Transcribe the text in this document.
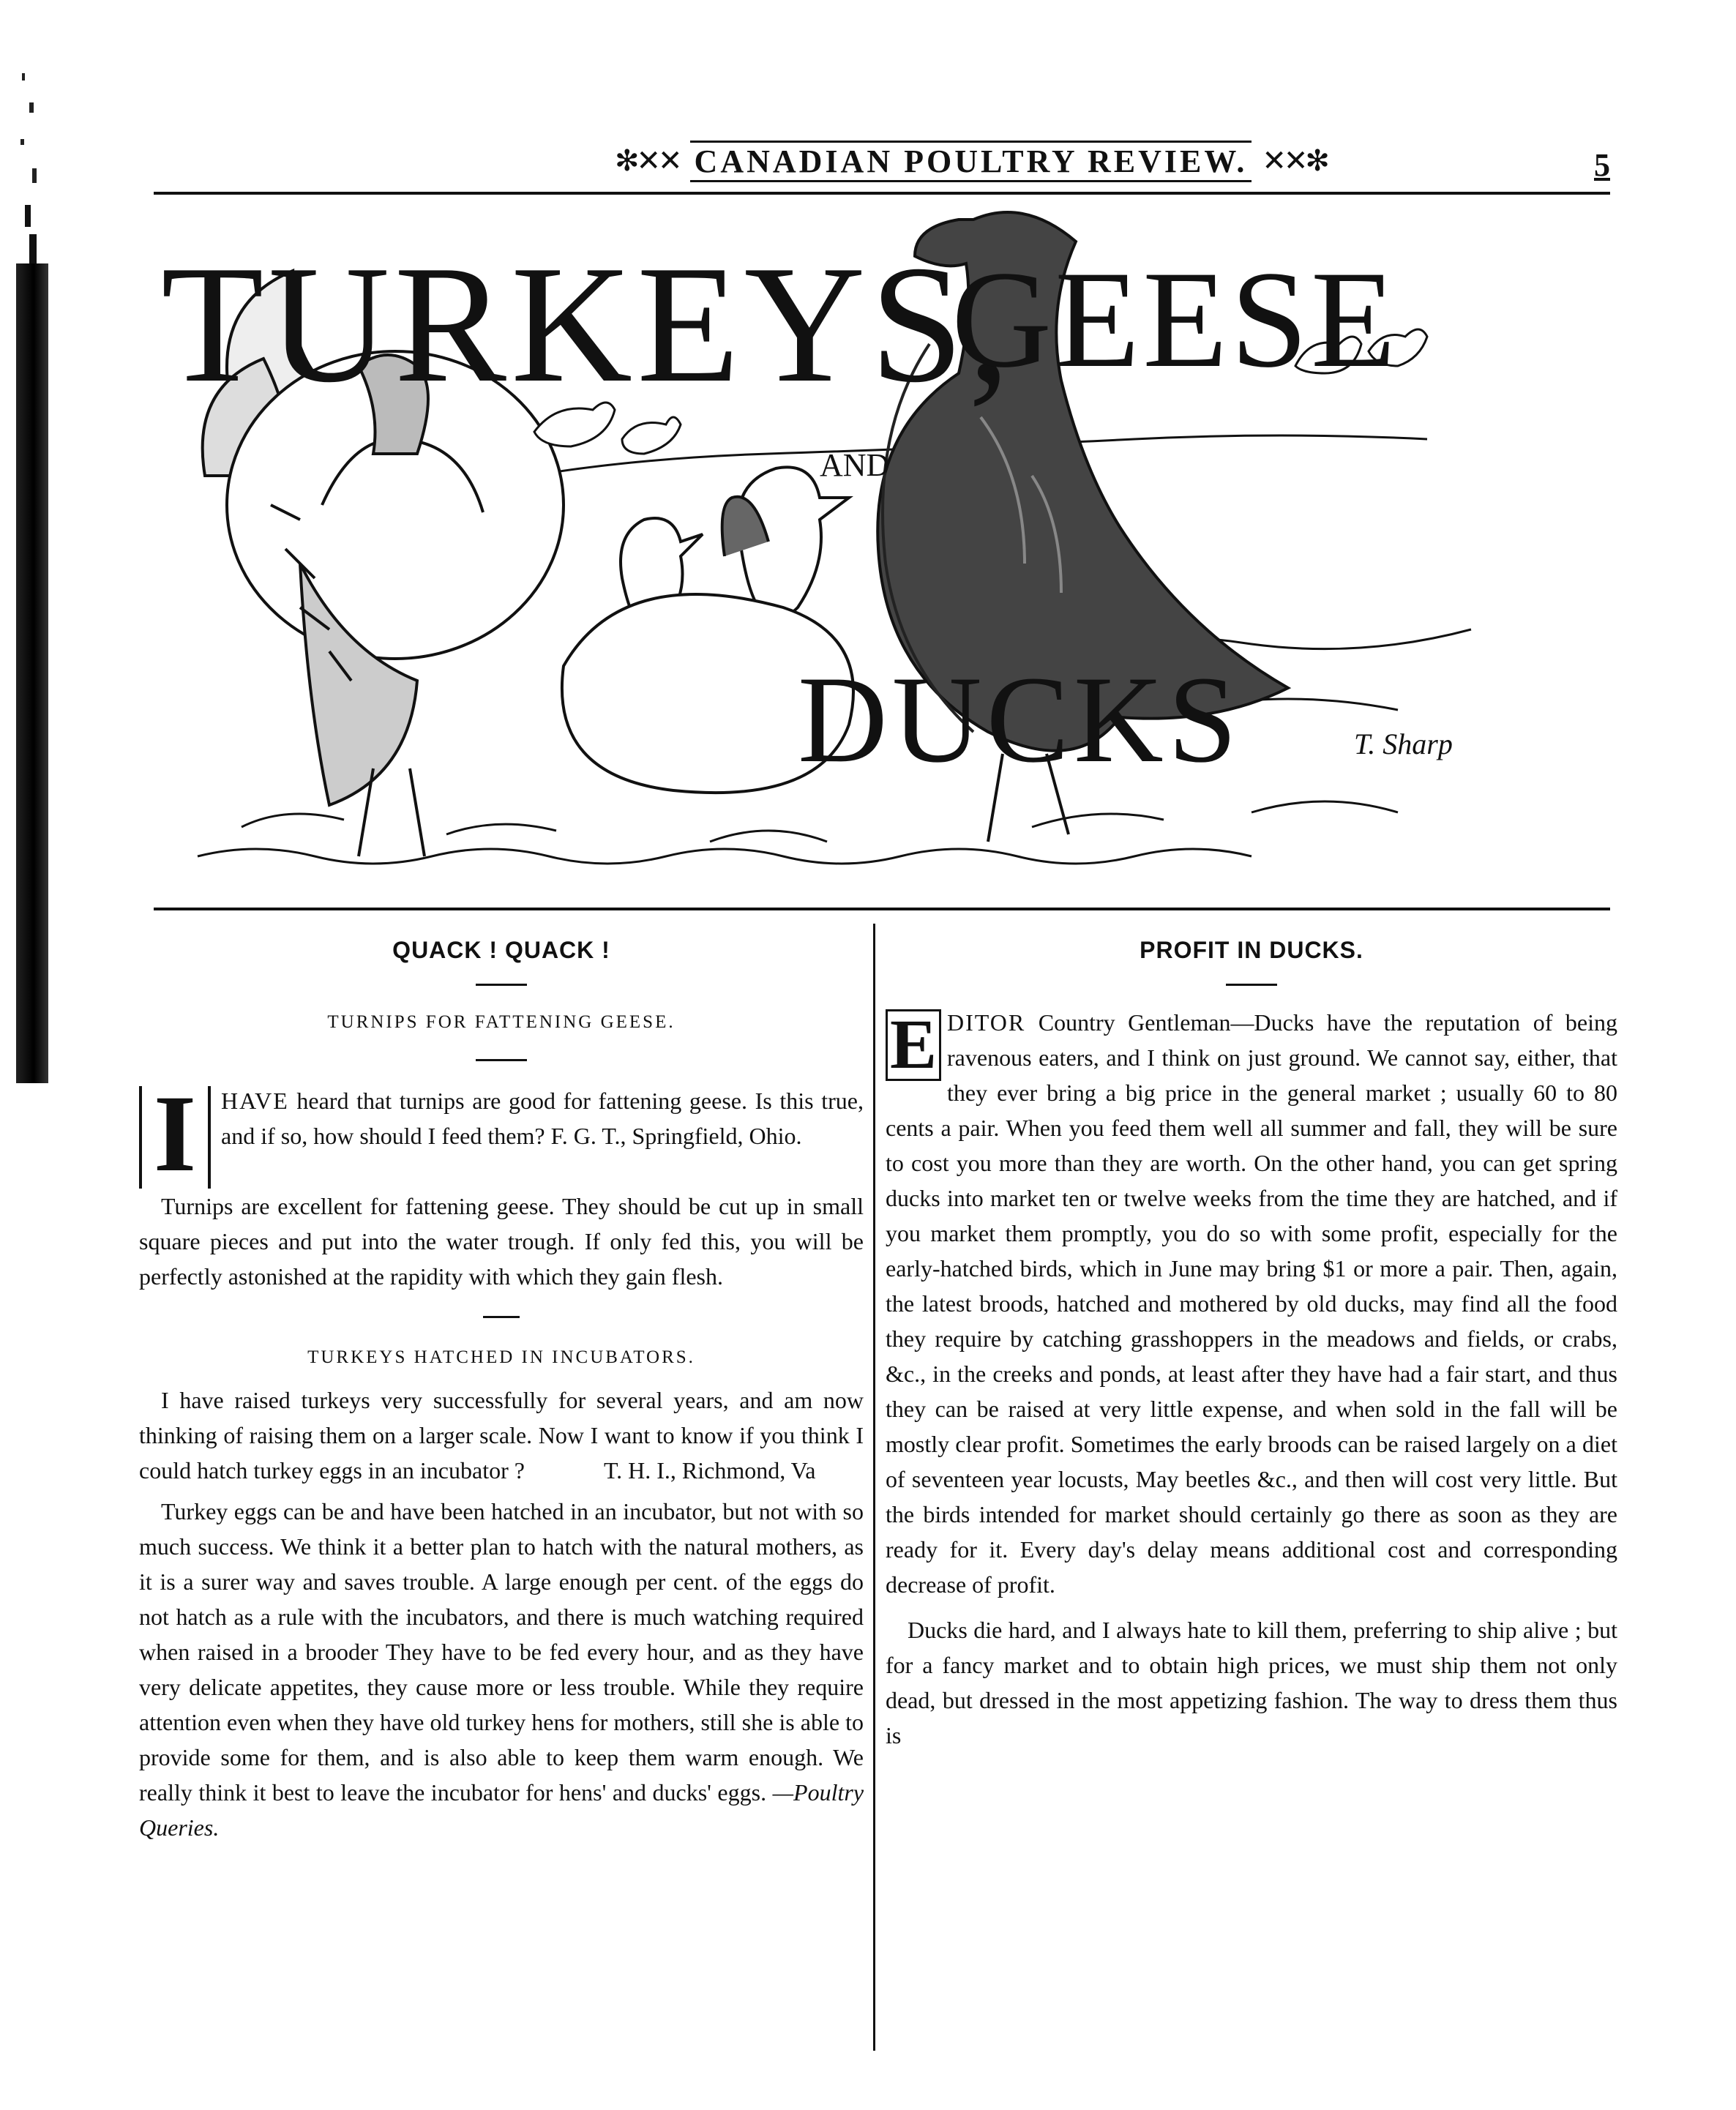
✻✕✕ CANADIAN POULTRY REVIEW. ✕✕✻	5
TURKEYS,
AND
GEESE
DUCKS	T. Sharp
QUACK ! QUACK !

TURNIPS FOR FATTENING GEESE.

I	HAVE heard that turnips are good for fattening geese. Is this true, and if so, how should I feed them? F. G. T., Springfield, Ohio.

Turnips are excellent for fattening geese. They should be cut up in small square pieces and put into the water trough. If only fed this, you will be perfectly astonished at the rapidity with which they gain flesh.

TURKEYS HATCHED IN INCUBATORS.

I have raised turkeys very successfully for several years, and am now thinking of raising them on a larger scale. Now I want to know if you think I could hatch turkey eggs in an incubator ?	T. H. I., Richmond, Va

Turkey eggs can be and have been hatched in an incubator, but not with so much success. We think it a better plan to hatch with the natural mothers, as it is a surer way and saves trouble. A large enough per cent. of the eggs do not hatch as a rule with the incubators, and there is much watching required when raised in a brooder They have to be fed every hour, and as they have very delicate appetites, they cause more or less trouble. While they require attention even when they have old turkey hens for mothers, still she is able to provide some for them, and is also able to keep them warm enough. We really think it best to leave the incubator for hens' and ducks' eggs. —Poultry Queries.

PROFIT IN DUCKS.
E DITOR Country Gentleman—Ducks have the reputation of being ravenous eaters, and I think on just ground. We cannot say, either, that they ever bring a big price in the general market ; usually 60 to 80 cents a pair. When you feed them well all summer and fall, they will be sure to cost you more than they are worth. On the other hand, you can get spring ducks into market ten or twelve weeks from the time they are hatched, and if you market them promptly, you do so with some profit, especially for the early-hatched birds, which in June may bring $1 or more a pair. Then, again, the latest broods, hatched and mothered by old ducks, may find all the food they require by catching grasshoppers in the meadows and fields, or crabs, &c., in the creeks and ponds, at least after they have had a fair start, and thus they can be raised at very little expense, and when sold in the fall will be mostly clear profit. Sometimes the early broods can be raised largely on a diet of seventeen year locusts, May beetles &c., and then will cost very little. But the birds intended for market should certainly go there as soon as they are ready for it. Every day's delay means additional cost and corresponding decrease of profit.

Ducks die hard, and I always hate to kill them, preferring to ship alive ; but for a fancy market and to obtain high prices, we must ship them not only dead, but dressed in the most appetizing fashion. The way to dress them thus is
